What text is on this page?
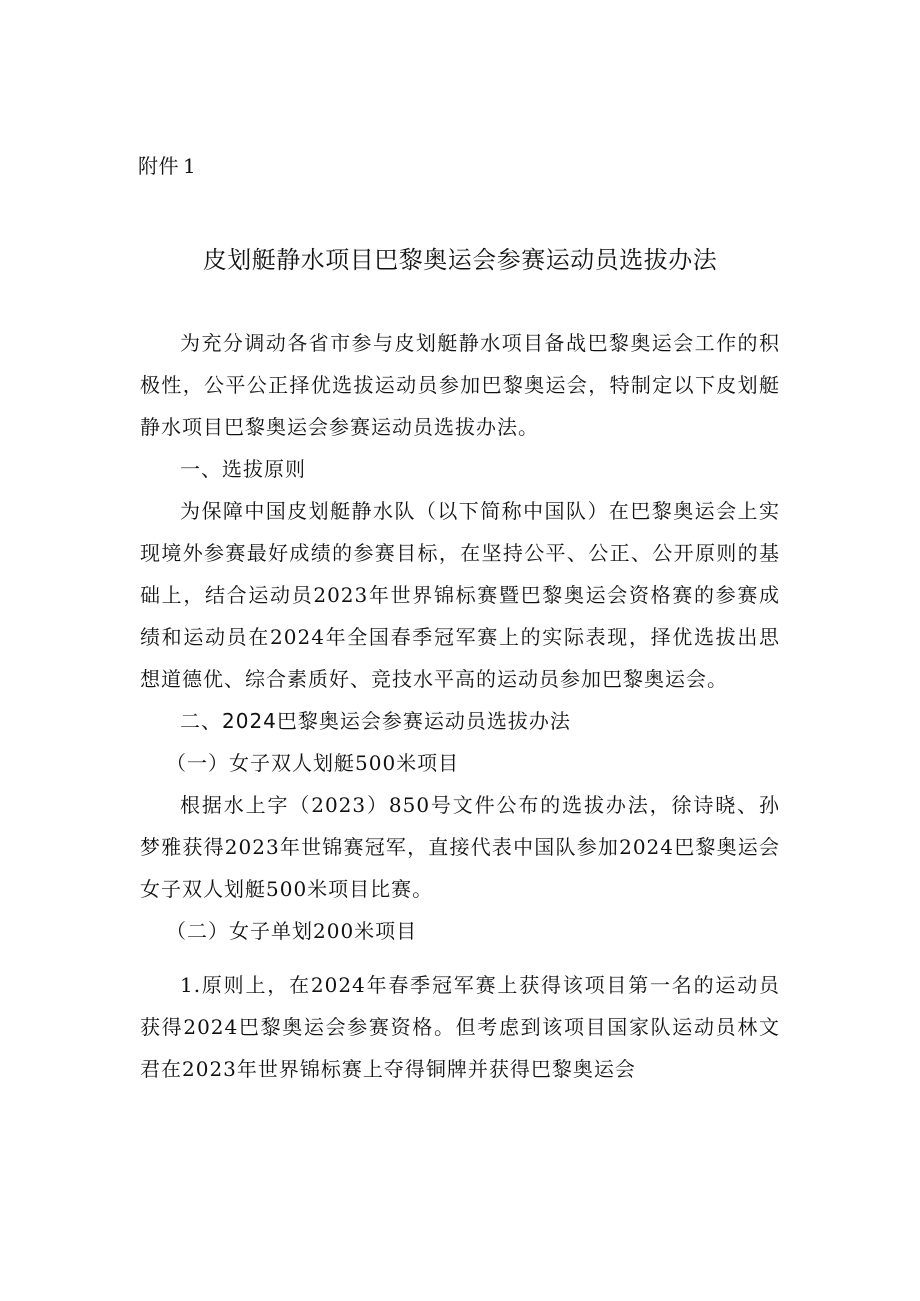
附件 1
皮划艇静水项目巴黎奥运会参赛运动员选拔办法

为充分调动各省市参与皮划艇静水项目备战巴黎奥运会工作的积极性，公平公正择优选拔运动员参加巴黎奥运会，特制定以下皮划艇静水项目巴黎奥运会参赛运动员选拔办法。

一、选拔原则

为保障中国皮划艇静水队（以下简称中国队）在巴黎奥运会上实现境外参赛最好成绩的参赛目标，在坚持公平、公正、公开原则的基础上，结合运动员2023年世界锦标赛暨巴黎奥运会资格赛的参赛成绩和运动员在2024年全国春季冠军赛上的实际表现，择优选拔出思想道德优、综合素质好、竞技水平高的运动员参加巴黎奥运会。

二、2024巴黎奥运会参赛运动员选拔办法
（一）女子双人划艇500米项目

根据水上字（2023）850号文件公布的选拔办法，徐诗晓、孙梦雅获得2023年世锦赛冠军，直接代表中国队参加2024巴黎奥运会女子双人划艇500米项目比赛。

（二）女子单划200米项目

1.原则上，在2024年春季冠军赛上获得该项目第一名的运动员获得2024巴黎奥运会参赛资格。但考虑到该项目国家队运动员林文君在2023年世界锦标赛上夺得铜牌并获得巴黎奥运会
